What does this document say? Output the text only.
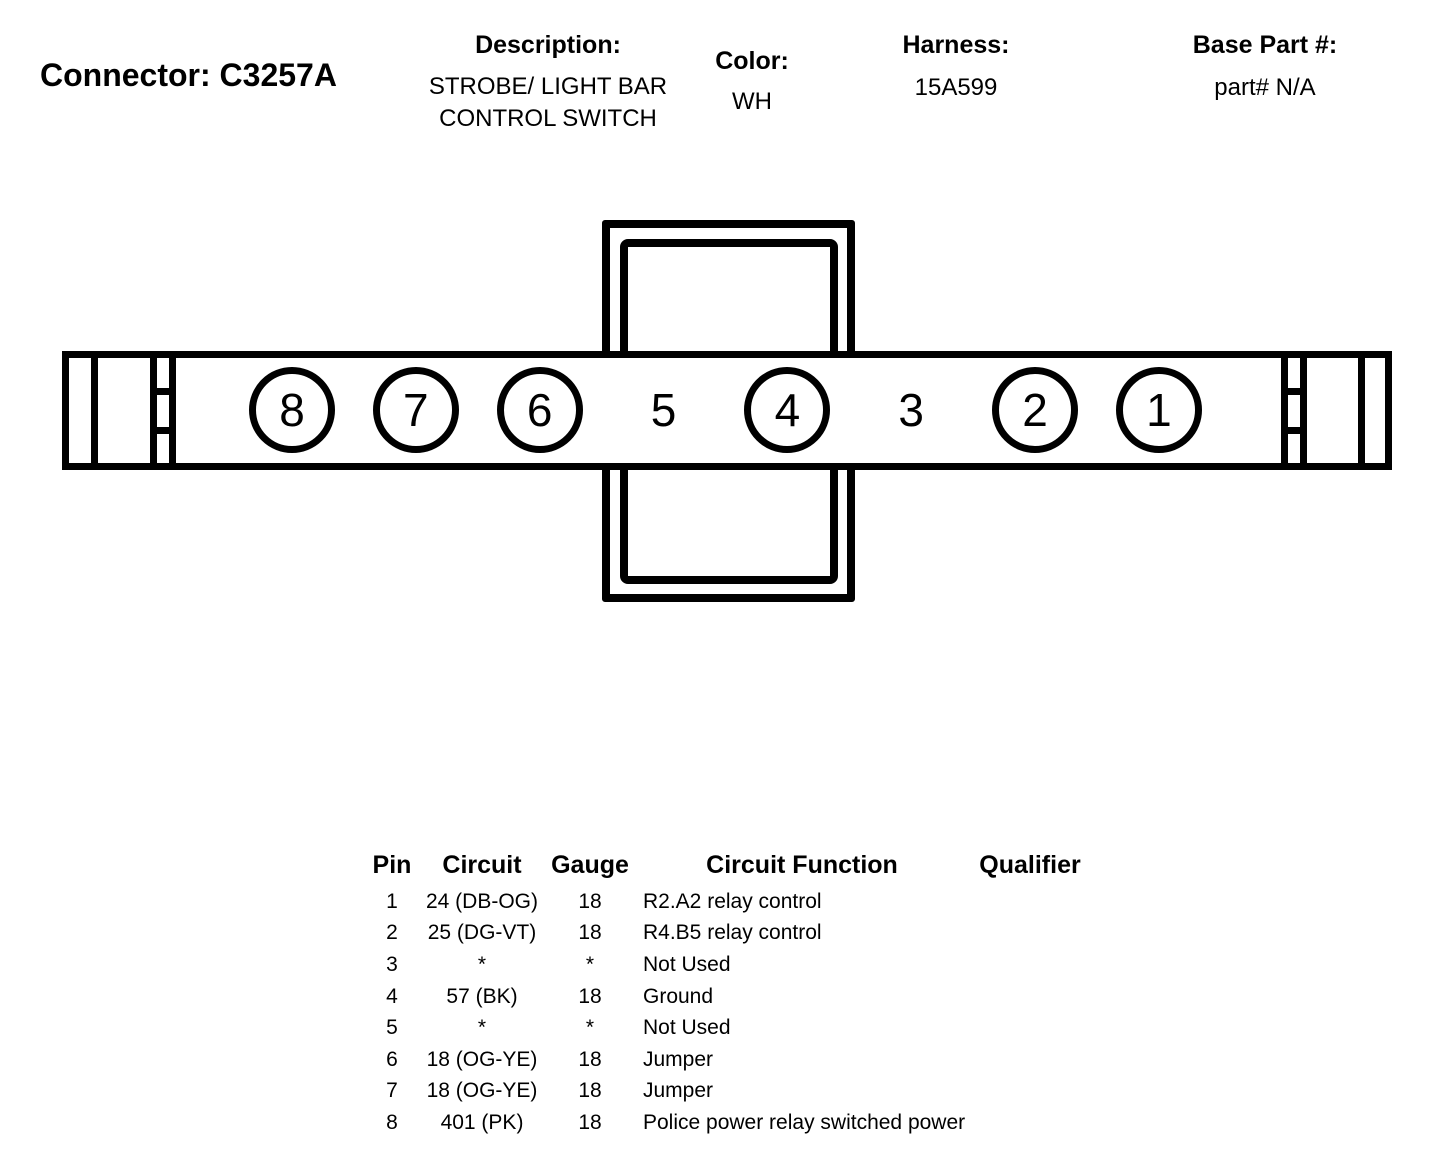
Connector: C3257A
Description:
STROBE/ LIGHT BAR CONTROL SWITCH
Color:
WH
Harness:
15A599
Base Part #:
part# N/A
8 7 6 5 4 3 2 1
Pin	Circuit	Gauge	Circuit Function	Qualifier
1	24 (DB-OG)	18	R2.A2 relay control
2	25 (DG-VT)	18	R4.B5 relay control
3	*	*	Not Used
4	57 (BK)	18	Ground
5	*	*	Not Used
6	18 (OG-YE)	18	Jumper
7	18 (OG-YE)	18	Jumper
8	401 (PK)	18	Police power relay switched power
